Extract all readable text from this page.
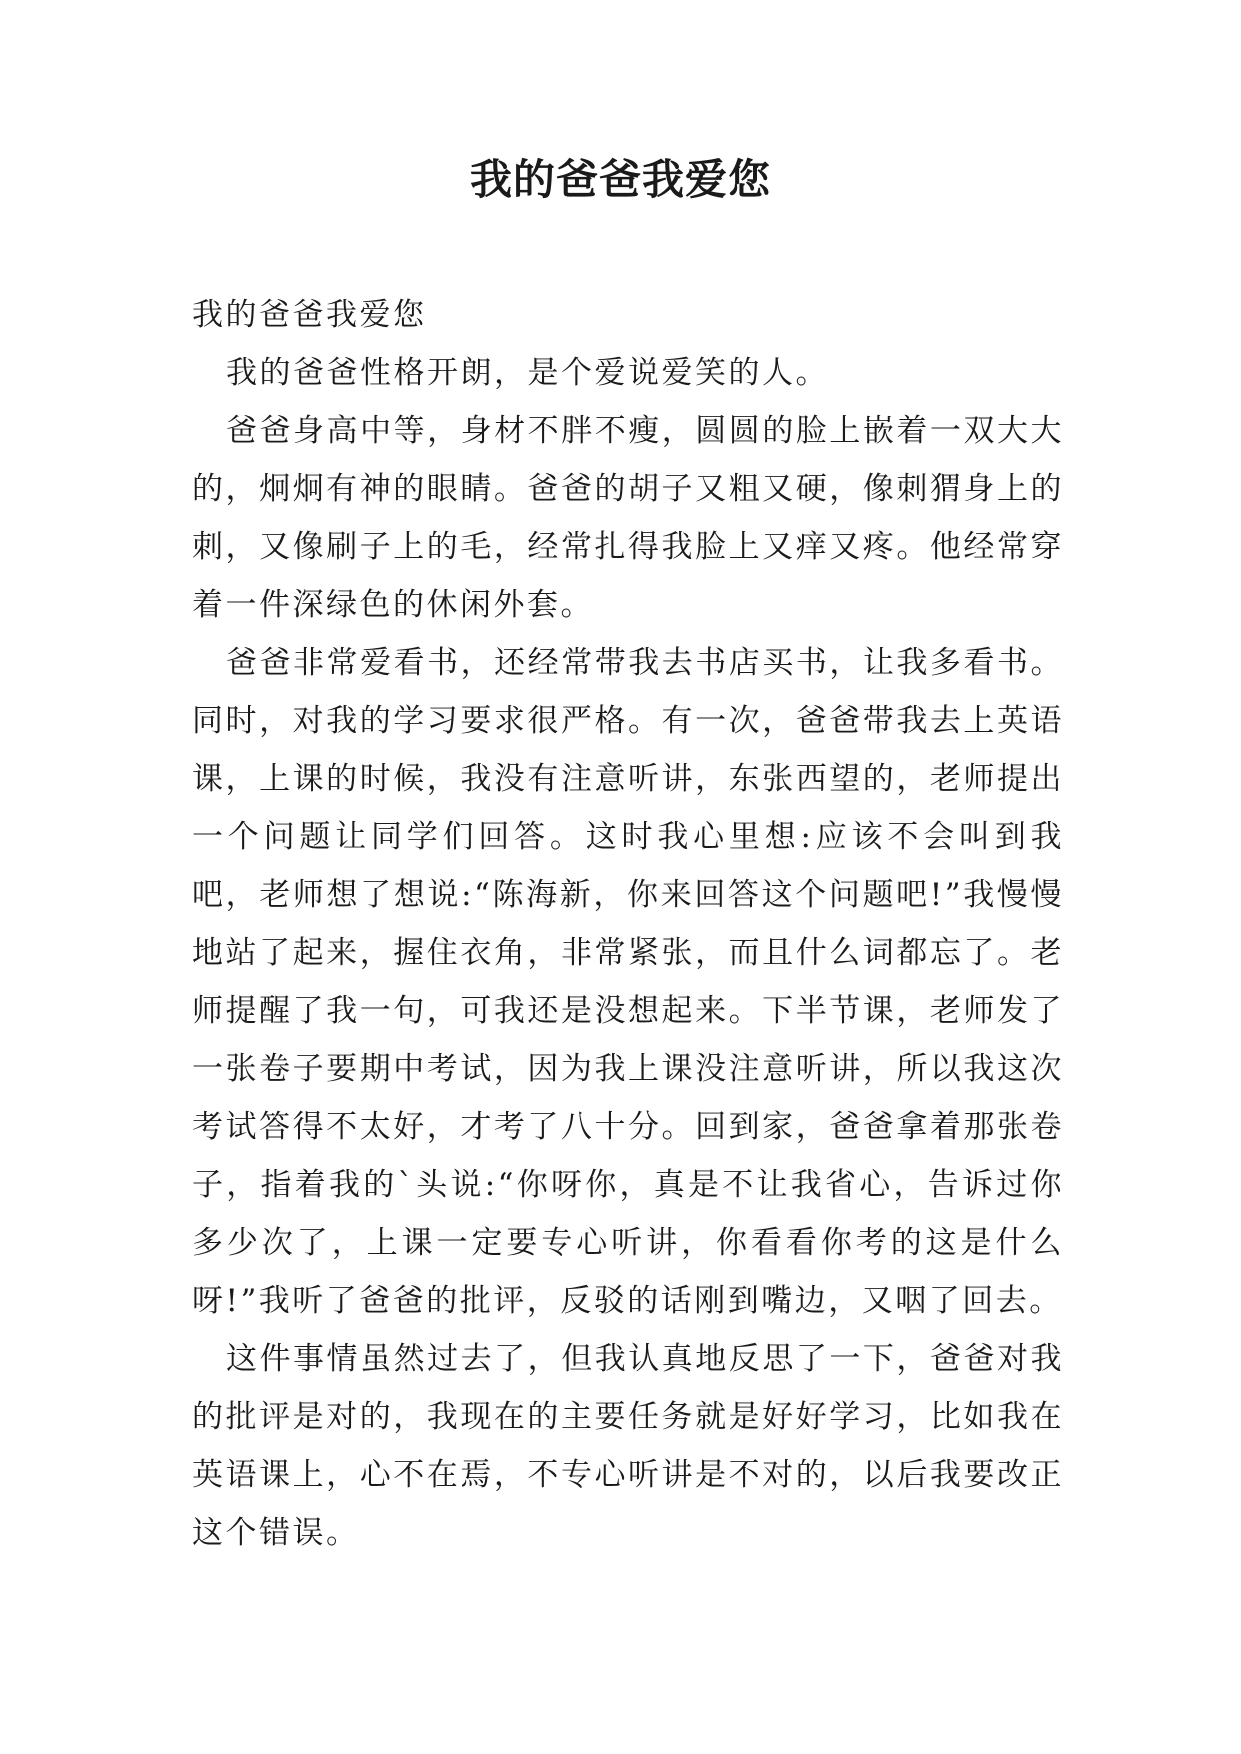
我的爸爸我爱您

我的爸爸我爱您

我的爸爸性格开朗，是个爱说爱笑的人。

爸爸身高中等，身材不胖不瘦，圆圆的脸上嵌着一双大大的，炯炯有神的眼睛。爸爸的胡子又粗又硬，像刺猬身上的刺，又像刷子上的毛，经常扎得我脸上又痒又疼。他经常穿着一件深绿色的休闲外套。

爸爸非常爱看书，还经常带我去书店买书，让我多看书。同时，对我的学习要求很严格。有一次，爸爸带我去上英语课，上课的时候，我没有注意听讲，东张西望的，老师提出一个问题让同学们回答。这时我心里想:应该不会叫到我吧，老师想了想说:“陈海新，你来回答这个问题吧!”我慢慢地站了起来，握住衣角，非常紧张，而且什么词都忘了。老师提醒了我一句，可我还是没想起来。下半节课，老师发了一张卷子要期中考试，因为我上课没注意听讲，所以我这次考试答得不太好，才考了八十分。回到家，爸爸拿着那张卷子，指着我的`头说:“你呀你，真是不让我省心，告诉过你多少次了，上课一定要专心听讲，你看看你考的这是什么呀!”我听了爸爸的批评，反驳的话刚到嘴边，又咽了回去。

这件事情虽然过去了，但我认真地反思了一下，爸爸对我的批评是对的，我现在的主要任务就是好好学习，比如我在英语课上，心不在焉，不专心听讲是不对的，以后我要改正这个错误。
